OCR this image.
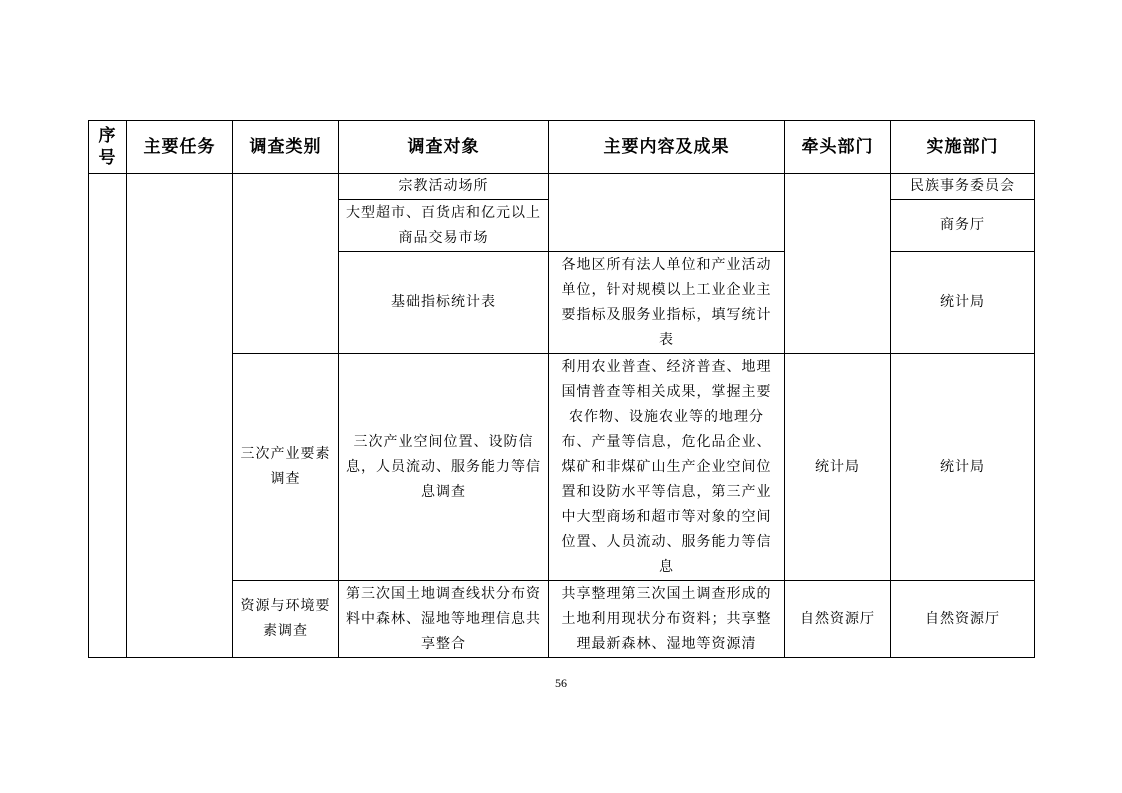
序
号	主要任务	调查类别	调查对象	主要内容及成果	牵头部门	实施部门
			宗教活动场所			民族事务委员会
			大型超市、百货店和亿元以上商品交易市场			商务厅
			基础指标统计表	各地区所有法人单位和产业活动单位，针对规模以上工业企业主要指标及服务业指标，填写统计表		统计局
		三次产业要素调查	三次产业空间位置、设防信息，人员流动、服务能力等信息调查	利用农业普查、经济普查、地理国情普查等相关成果，掌握主要农作物、设施农业等的地理分布、产量等信息，危化品企业、煤矿和非煤矿山生产企业空间位置和设防水平等信息，第三产业中大型商场和超市等对象的空间位置、人员流动、服务能力等信息	统计局	统计局
		资源与环境要素调查	第三次国土地调查线状分布资料中森林、湿地等地理信息共享整合	共享整理第三次国土调查形成的土地利用现状分布资料；共享整理最新森林、湿地等资源清	自然资源厅	自然资源厅
56
